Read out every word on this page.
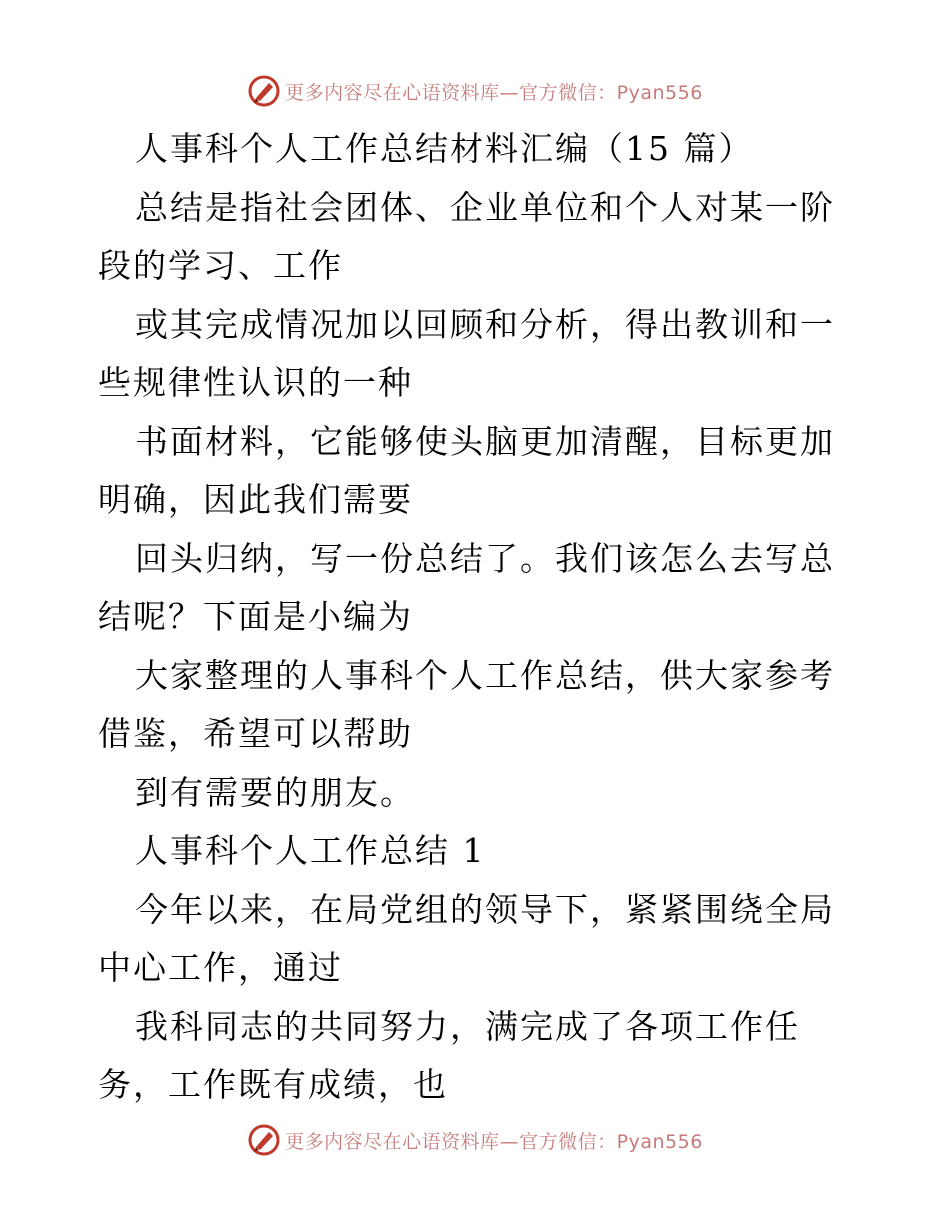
更多内容尽在心语资料库—官方微信：Pyan556

人事科个人工作总结材料汇编（15 篇）

总结是指社会团体、企业单位和个人对某一阶段的学习、工作

或其完成情况加以回顾和分析，得出教训和一些规律性认识的一种

书面材料，它能够使头脑更加清醒，目标更加明确，因此我们需要

回头归纳，写一份总结了。我们该怎么去写总结呢？下面是小编为

大家整理的人事科个人工作总结，供大家参考借鉴，希望可以帮助

到有需要的朋友。

人事科个人工作总结 1

今年以来，在局党组的领导下，紧紧围绕全局中心工作，通过

我科同志的共同努力，满完成了各项工作任务，工作既有成绩，也

更多内容尽在心语资料库—官方微信：Pyan556
